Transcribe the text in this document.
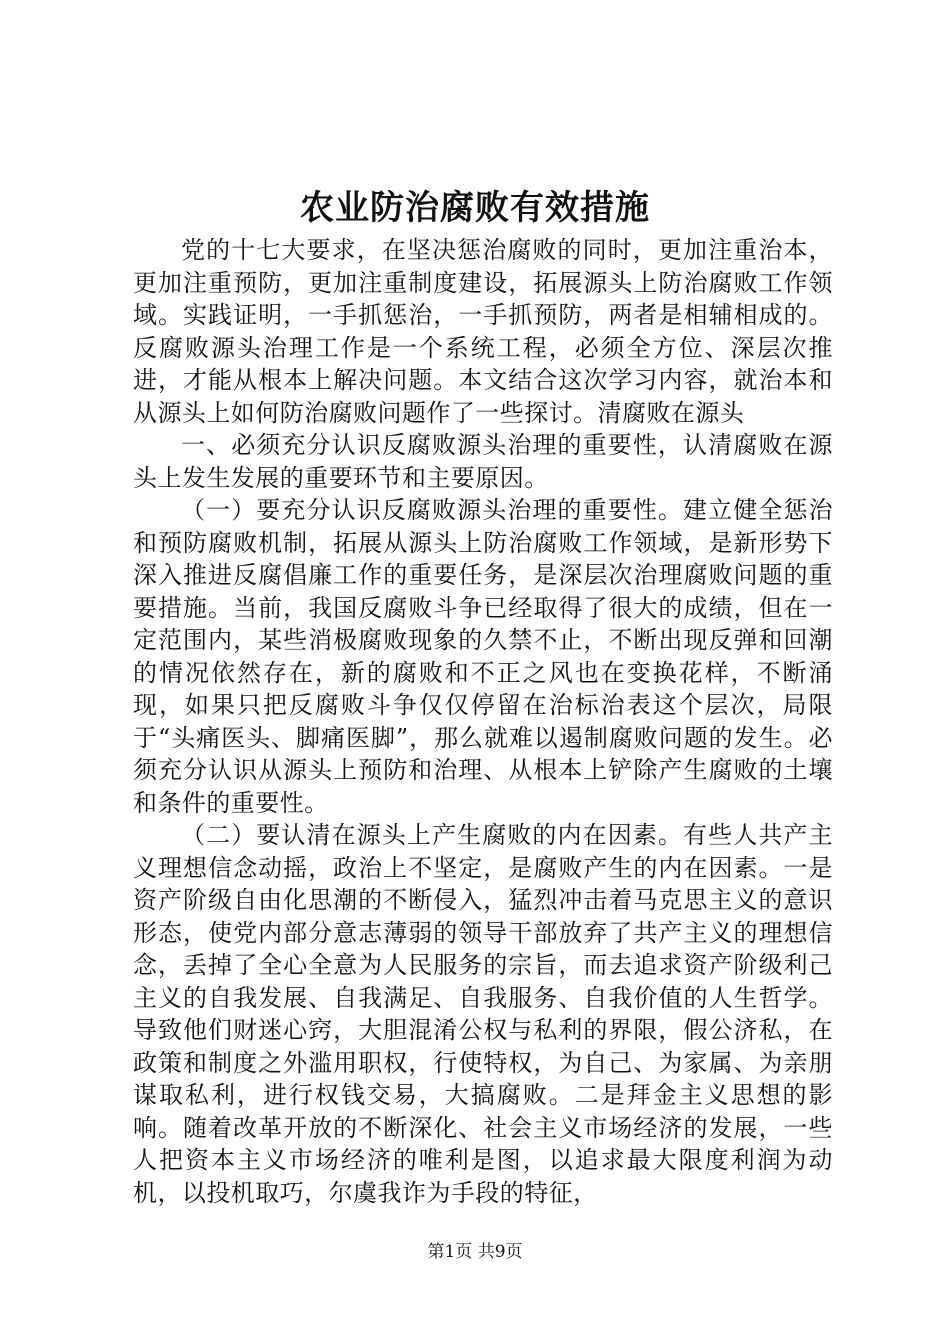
农业防治腐败有效措施

党的十七大要求，在坚决惩治腐败的同时，更加注重治本，更加注重预防，更加注重制度建设，拓展源头上防治腐败工作领域。实践证明，一手抓惩治，一手抓预防，两者是相辅相成的。反腐败源头治理工作是一个系统工程，必须全方位、深层次推进，才能从根本上解决问题。本文结合这次学习内容，就治本和从源头上如何防治腐败问题作了一些探讨。清腐败在源头

一、必须充分认识反腐败源头治理的重要性，认清腐败在源头上发生发展的重要环节和主要原因。

（一）要充分认识反腐败源头治理的重要性。建立健全惩治和预防腐败机制，拓展从源头上防治腐败工作领域，是新形势下深入推进反腐倡廉工作的重要任务，是深层次治理腐败问题的重要措施。当前，我国反腐败斗争已经取得了很大的成绩，但在一定范围内，某些消极腐败现象的久禁不止，不断出现反弹和回潮的情况依然存在，新的腐败和不正之风也在变换花样，不断涌现，如果只把反腐败斗争仅仅停留在治标治表这个层次，局限于“头痛医头、脚痛医脚”，那么就难以遏制腐败问题的发生。必须充分认识从源头上预防和治理、从根本上铲除产生腐败的土壤和条件的重要性。

（二）要认清在源头上产生腐败的内在因素。有些人共产主义理想信念动摇，政治上不坚定，是腐败产生的内在因素。一是资产阶级自由化思潮的不断侵入，猛烈冲击着马克思主义的意识形态，使党内部分意志薄弱的领导干部放弃了共产主义的理想信念，丢掉了全心全意为人民服务的宗旨，而去追求资产阶级利己主义的自我发展、自我满足、自我服务、自我价值的人生哲学。导致他们财迷心窍，大胆混淆公权与私利的界限，假公济私，在政策和制度之外滥用职权，行使特权，为自己、为家属、为亲朋谋取私利，进行权钱交易，大搞腐败。二是拜金主义思想的影响。随着改革开放的不断深化、社会主义市场经济的发展，一些人把资本主义市场经济的唯利是图，以追求最大限度利润为动机，以投机取巧，尔虞我诈为手段的特征，

第1页 共9页
